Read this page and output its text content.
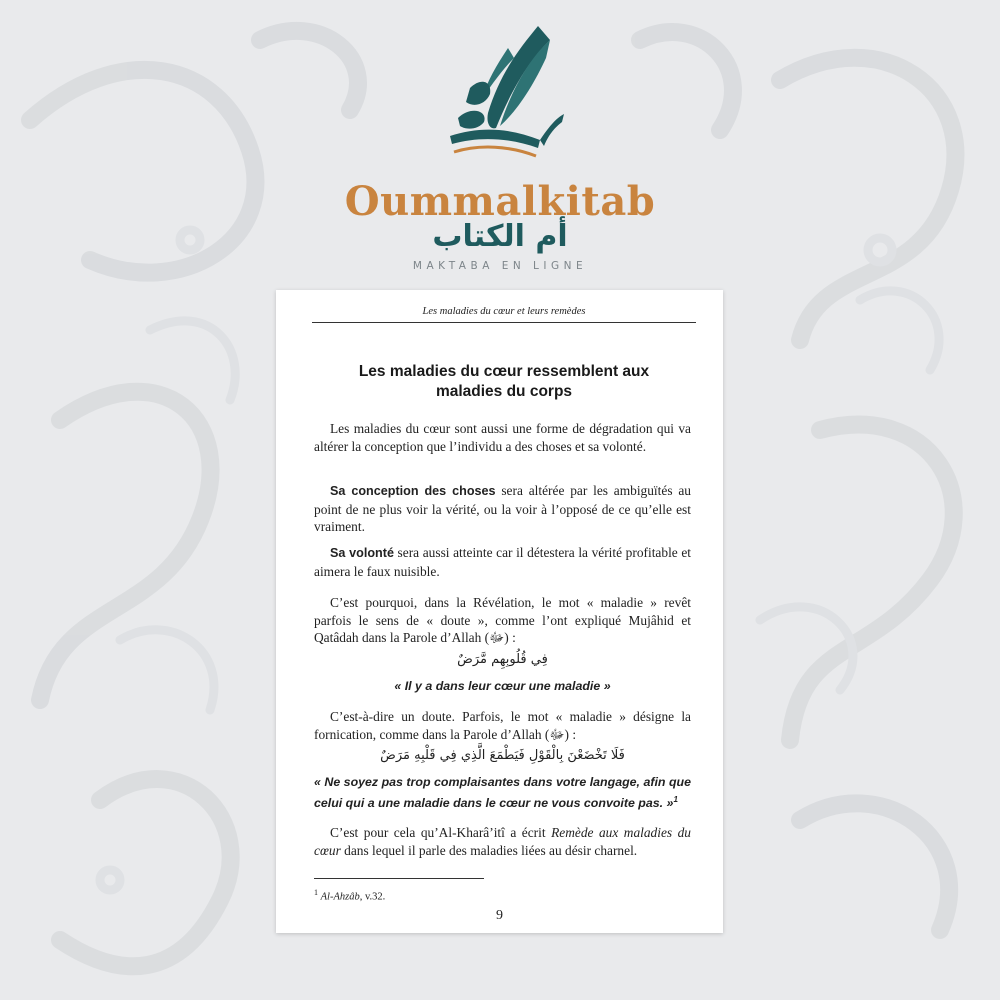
Oummalkitab

أم الكتاب

MAKTABA EN LIGNE

Les maladies du cœur et leurs remèdes
Les maladies du cœur ressemblent aux
maladies du corps

Les maladies du cœur sont aussi une forme de dégradation qui va altérer la conception que l’individu a des choses et sa volonté.

Sa conception des choses sera altérée par les ambiguïtés au point de ne plus voir la vérité, ou la voir à l’opposé de ce qu’elle est vraiment.

Sa volonté sera aussi atteinte car il détestera la vérité profitable et aimera le faux nuisible.

C’est pourquoi, dans la Révélation, le mot « maladie » revêt parfois le sens de « doute », comme l’ont expliqué Mujâhid et Qatâdah dans la Parole d’Allah (ﷻ) :

فِي قُلُوبِهِم مَّرَضٌ

« Il y a dans leur cœur une maladie »

C’est-à-dire un doute. Parfois, le mot « maladie » désigne la fornication, comme dans la Parole d’Allah (ﷻ) :

فَلَا تَخْضَعْنَ بِالْقَوْلِ فَيَطْمَعَ الَّذِي فِي قَلْبِهِ مَرَضٌ

« Ne soyez pas trop complaisantes dans votre langage, afin que celui qui a une maladie dans le cœur ne vous convoite pas. »$^1$

C’est pour cela qu’Al-Kharâ’itî a écrit Remède aux maladies du cœur dans lequel il parle des maladies liées au désir charnel.

$^1$ Al-Ahzâb, v.32.

9
